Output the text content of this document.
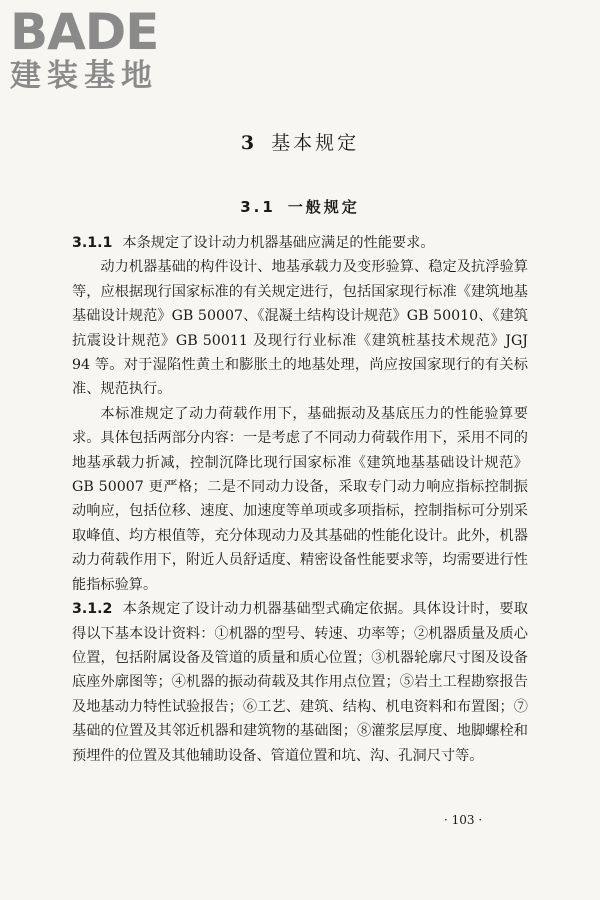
BADE
建装基地
3 基本规定
3.1 一般规定

3.1.1 本条规定了设计动力机器基础应满足的性能要求。

动力机器基础的构件设计、地基承载力及变形验算、稳定及抗浮验算等，应根据现行国家标准的有关规定进行，包括国家现行标准《建筑地基基础设计规范》GB 50007、《混凝土结构设计规范》GB 50010、《建筑抗震设计规范》GB 50011 及现行行业标准《建筑桩基技术规范》JGJ 94 等。对于湿陷性黄土和膨胀土的地基处理，尚应按国家现行的有关标准、规范执行。

本标准规定了动力荷载作用下，基础振动及基底压力的性能验算要求。具体包括两部分内容：一是考虑了不同动力荷载作用下，采用不同的地基承载力折减，控制沉降比现行国家标准《建筑地基基础设计规范》GB 50007 更严格；二是不同动力设备，采取专门动力响应指标控制振动响应，包括位移、速度、加速度等单项或多项指标，控制指标可分别采取峰值、均方根值等，充分体现动力及其基础的性能化设计。此外，机器动力荷载作用下，附近人员舒适度、精密设备性能要求等，均需要进行性能指标验算。

3.1.2 本条规定了设计动力机器基础型式确定依据。具体设计时，要取得以下基本设计资料：①机器的型号、转速、功率等；②机器质量及质心位置，包括附属设备及管道的质量和质心位置；③机器轮廓尺寸图及设备底座外廓图等；④机器的振动荷载及其作用点位置；⑤岩土工程勘察报告及地基动力特性试验报告；⑥工艺、建筑、结构、机电资料和布置图；⑦基础的位置及其邻近机器和建筑物的基础图；⑧灌浆层厚度、地脚螺栓和预埋件的位置及其他辅助设备、管道位置和坑、沟、孔洞尺寸等。

· 103 ·
